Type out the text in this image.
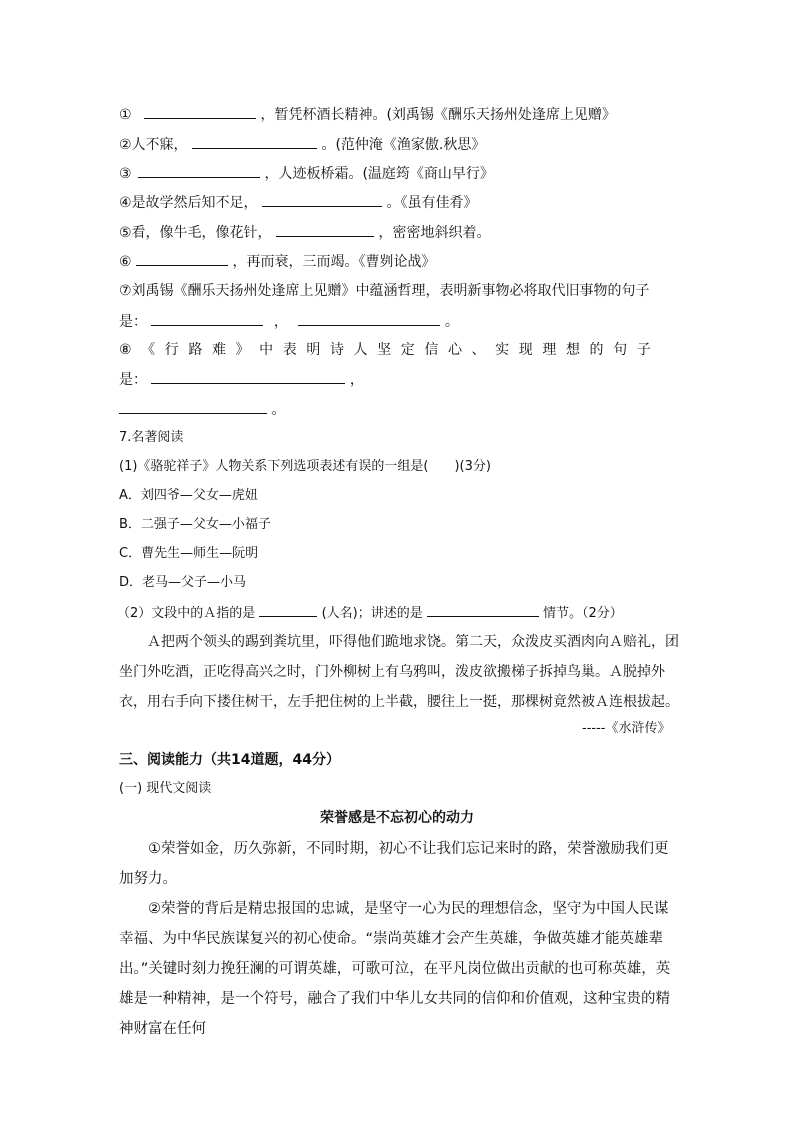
①	，暂凭杯酒长精神。(刘禹锡《酬乐天扬州处逢席上见赠》
②人不寐，	。(范仲淹《渔家傲.秋思》
③	，人迹板桥霜。(温庭筠《商山早行》
④是故学然后知不足，	。《虽有佳肴》
⑤看，像牛毛，像花针，	，密密地斜织着。
⑥	，再而衰，三而竭。《曹刿论战》
⑦刘禹锡《酬乐天扬州处逢席上见赠》中蕴涵哲理，表明新事物必将取代旧事物的句子
是：	，	。
⑧《行路难》中表明诗人坚定信心、实现理想的句子
是：	，
。
7.名著阅读
(1)《骆驼祥子》人物关系下列选项表述有误的一组是(　　)(3分)
A．刘四爷—父女—虎妞
B．二强子—父女—小福子
C．曹先生—师生—阮明
D．老马—父子—小马
（2）文段中的Ａ指的是	(人名)；讲述的是	情节。（2分）
Ａ把两个领头的踢到粪坑里，吓得他们跪地求饶。第二天，众泼皮买酒肉向Ａ赔礼，团坐门外吃酒，正吃得高兴之时，门外柳树上有乌鸦叫，泼皮欲搬梯子拆掉鸟巢。Ａ脱掉外衣，用右手向下搂住树干，左手把住树的上半截，腰往上一挺，那棵树竟然被Ａ连根拔起。
-----《水浒传》
三、阅读能力（共14道题，44分）
(一) 现代文阅读
荣誉感是不忘初心的动力
①荣誉如金，历久弥新，不同时期，初心不让我们忘记来时的路，荣誉激励我们更加努力。
②荣誉的背后是精忠报国的忠诚，是坚守一心为民的理想信念，坚守为中国人民谋幸福、为中华民族谋复兴的初心使命。“崇尚英雄才会产生英雄，争做英雄才能英雄辈出。”关键时刻力挽狂澜的可谓英雄，可歌可泣，在平凡岗位做出贡献的也可称英雄，英雄是一种精神，是一个符号，融合了我们中华儿女共同的信仰和价值观，这种宝贵的精神财富在任何
